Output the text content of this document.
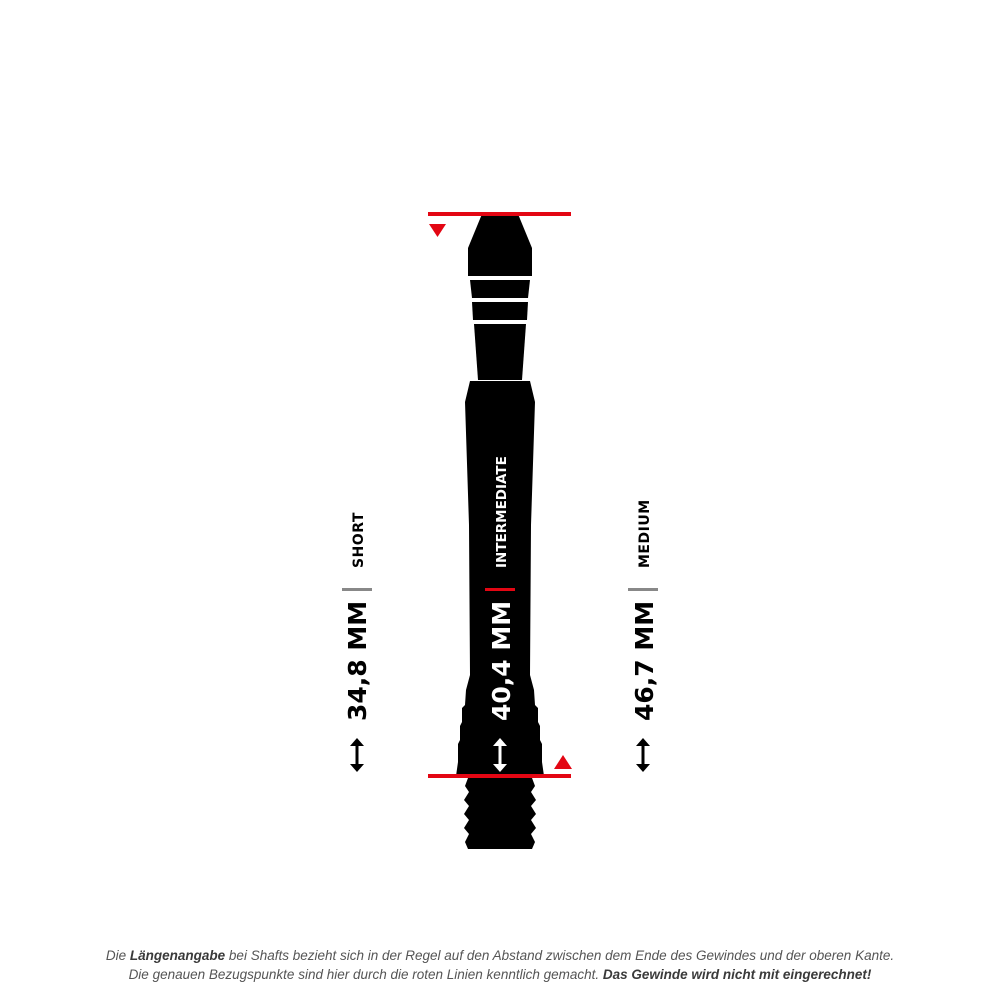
SHORT
34,8 MM
INTERMEDIATE
40,4 MM
MEDIUM
46,7 MM
Die Längenangabe bei Shafts bezieht sich in der Regel auf den Abstand zwischen dem Ende des Gewindes und der oberen Kante.
Die genauen Bezugspunkte sind hier durch die roten Linien kenntlich gemacht. Das Gewinde wird nicht mit eingerechnet!
